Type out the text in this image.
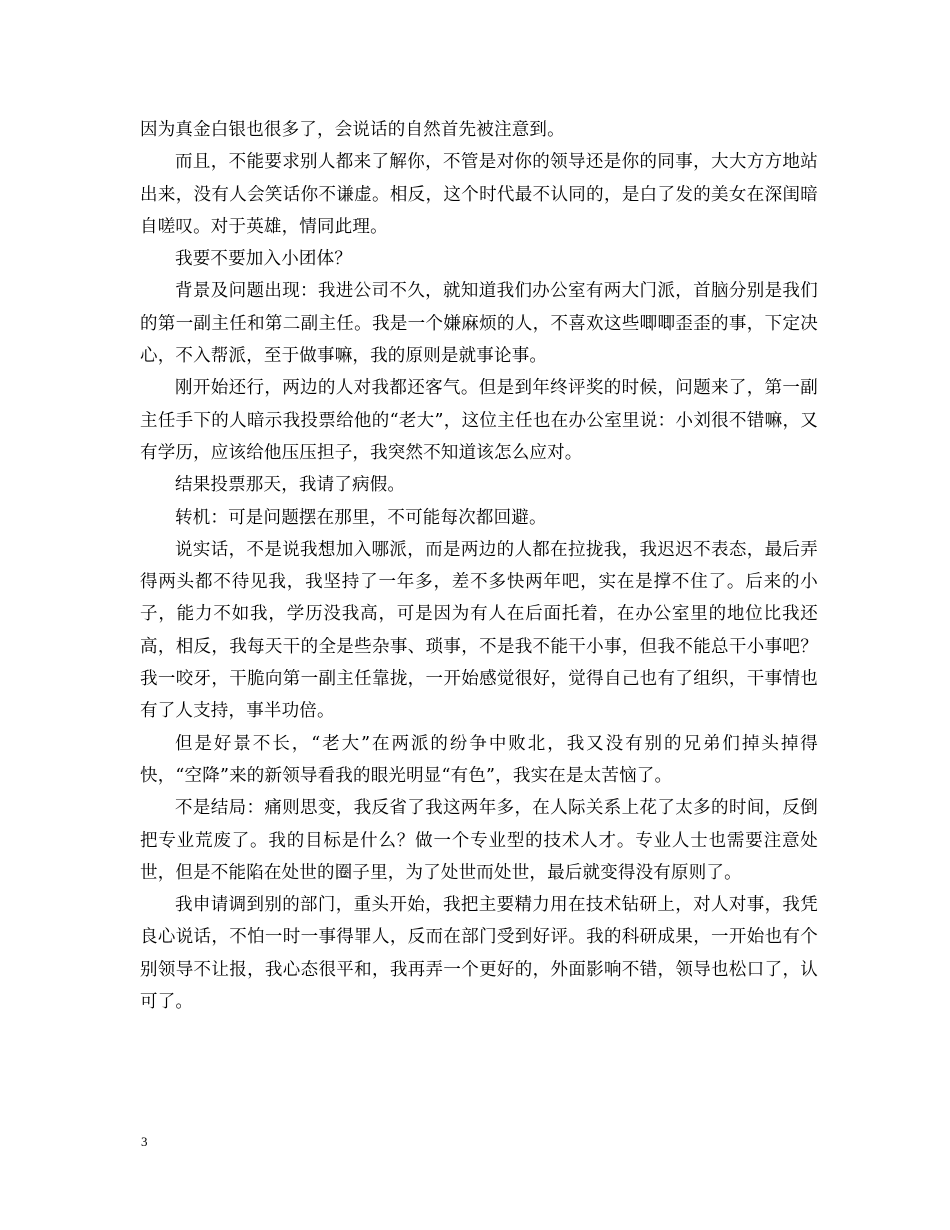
因为真金白银也很多了，会说话的自然首先被注意到。

而且，不能要求别人都来了解你，不管是对你的领导还是你的同事，大大方方地站出来，没有人会笑话你不谦虚。相反，这个时代最不认同的，是白了发的美女在深闺暗自嗟叹。对于英雄，情同此理。

我要不要加入小团体？

背景及问题出现：我进公司不久，就知道我们办公室有两大门派，首脑分别是我们的第一副主任和第二副主任。我是一个嫌麻烦的人，不喜欢这些唧唧歪歪的事，下定决心，不入帮派，至于做事嘛，我的原则是就事论事。

刚开始还行，两边的人对我都还客气。但是到年终评奖的时候，问题来了，第一副主任手下的人暗示我投票给他的“老大”，这位主任也在办公室里说：小刘很不错嘛，又有学历，应该给他压压担子，我突然不知道该怎么应对。

结果投票那天，我请了病假。

转机：可是问题摆在那里，不可能每次都回避。

说实话，不是说我想加入哪派，而是两边的人都在拉拢我，我迟迟不表态，最后弄得两头都不待见我，我坚持了一年多，差不多快两年吧，实在是撑不住了。后来的小子，能力不如我，学历没我高，可是因为有人在后面托着，在办公室里的地位比我还高，相反，我每天干的全是些杂事、琐事，不是我不能干小事，但我不能总干小事吧？我一咬牙，干脆向第一副主任靠拢，一开始感觉很好，觉得自己也有了组织，干事情也有了人支持，事半功倍。

但是好景不长，“老大”在两派的纷争中败北，我又没有别的兄弟们掉头掉得快，“空降”来的新领导看我的眼光明显“有色”，我实在是太苦恼了。

不是结局：痛则思变，我反省了我这两年多，在人际关系上花了太多的时间，反倒把专业荒废了。我的目标是什么？做一个专业型的技术人才。专业人士也需要注意处世，但是不能陷在处世的圈子里，为了处世而处世，最后就变得没有原则了。

我申请调到别的部门，重头开始，我把主要精力用在技术钻研上，对人对事，我凭良心说话，不怕一时一事得罪人，反而在部门受到好评。我的科研成果，一开始也有个别领导不让报，我心态很平和，我再弄一个更好的，外面影响不错，领导也松口了，认可了。

3
